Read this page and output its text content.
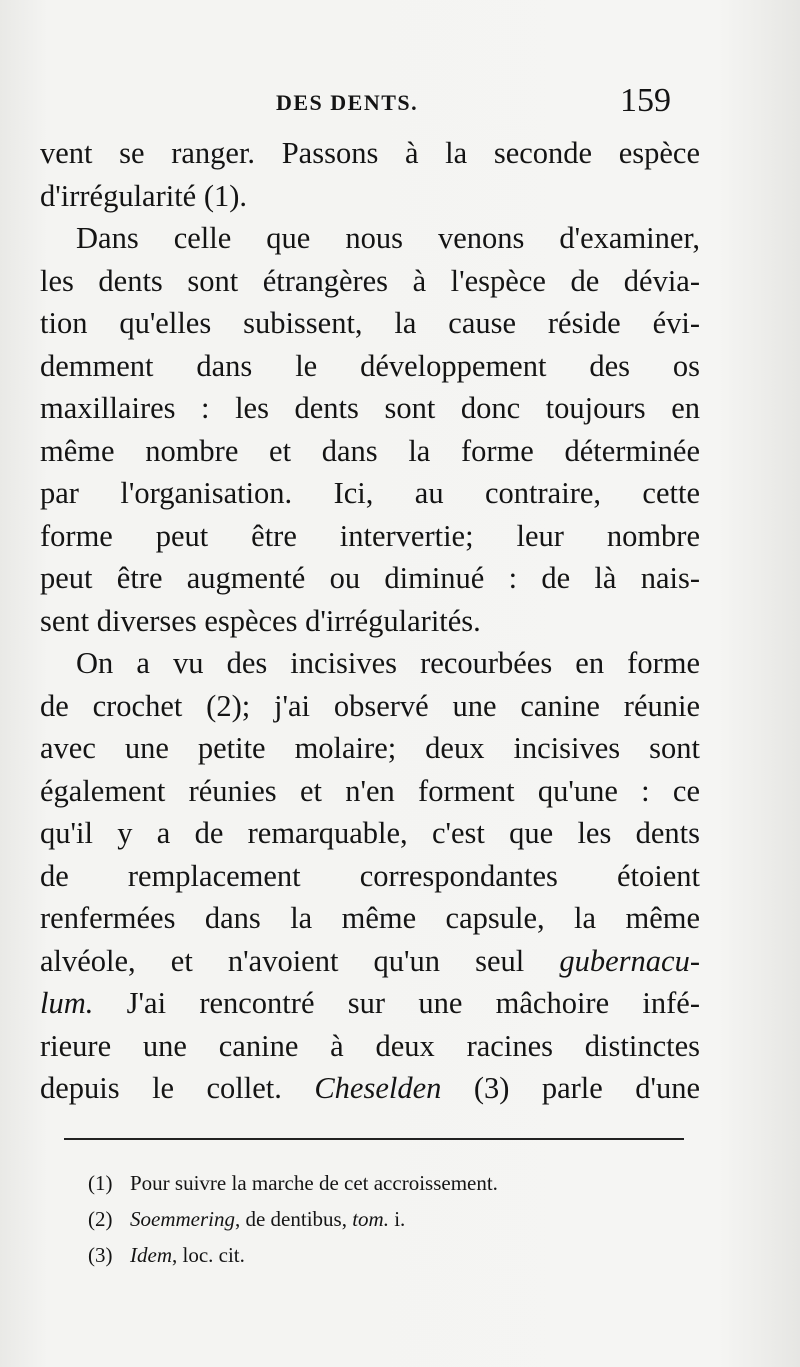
DES DENTS.	159
vent se ranger. Passons à la seconde espèce
d'irrégularité (1).
Dans celle que nous venons d'examiner,
les dents sont étrangères à l'espèce de dévia-
tion qu'elles subissent, la cause réside évi-
demment dans le développement des os
maxillaires : les dents sont donc toujours en
même nombre et dans la forme déterminée
par l'organisation. Ici, au contraire, cette
forme peut être intervertie; leur nombre
peut être augmenté ou diminué : de là nais-
sent diverses espèces d'irrégularités.
On a vu des incisives recourbées en forme
de crochet (2); j'ai observé une canine réunie
avec une petite molaire; deux incisives sont
également réunies et n'en forment qu'une : ce
qu'il y a de remarquable, c'est que les dents
de remplacement correspondantes étoient
renfermées dans la même capsule, la même
alvéole, et n'avoient qu'un seul gubernacu-
lum. J'ai rencontré sur une mâchoire infé-
rieure une canine à deux racines distinctes
depuis le collet. Cheselden (3) parle d'une
(1) Pour suivre la marche de cet accroissement.
(2) Soemmering, de dentibus, tom. i.
(3) Idem, loc. cit.
